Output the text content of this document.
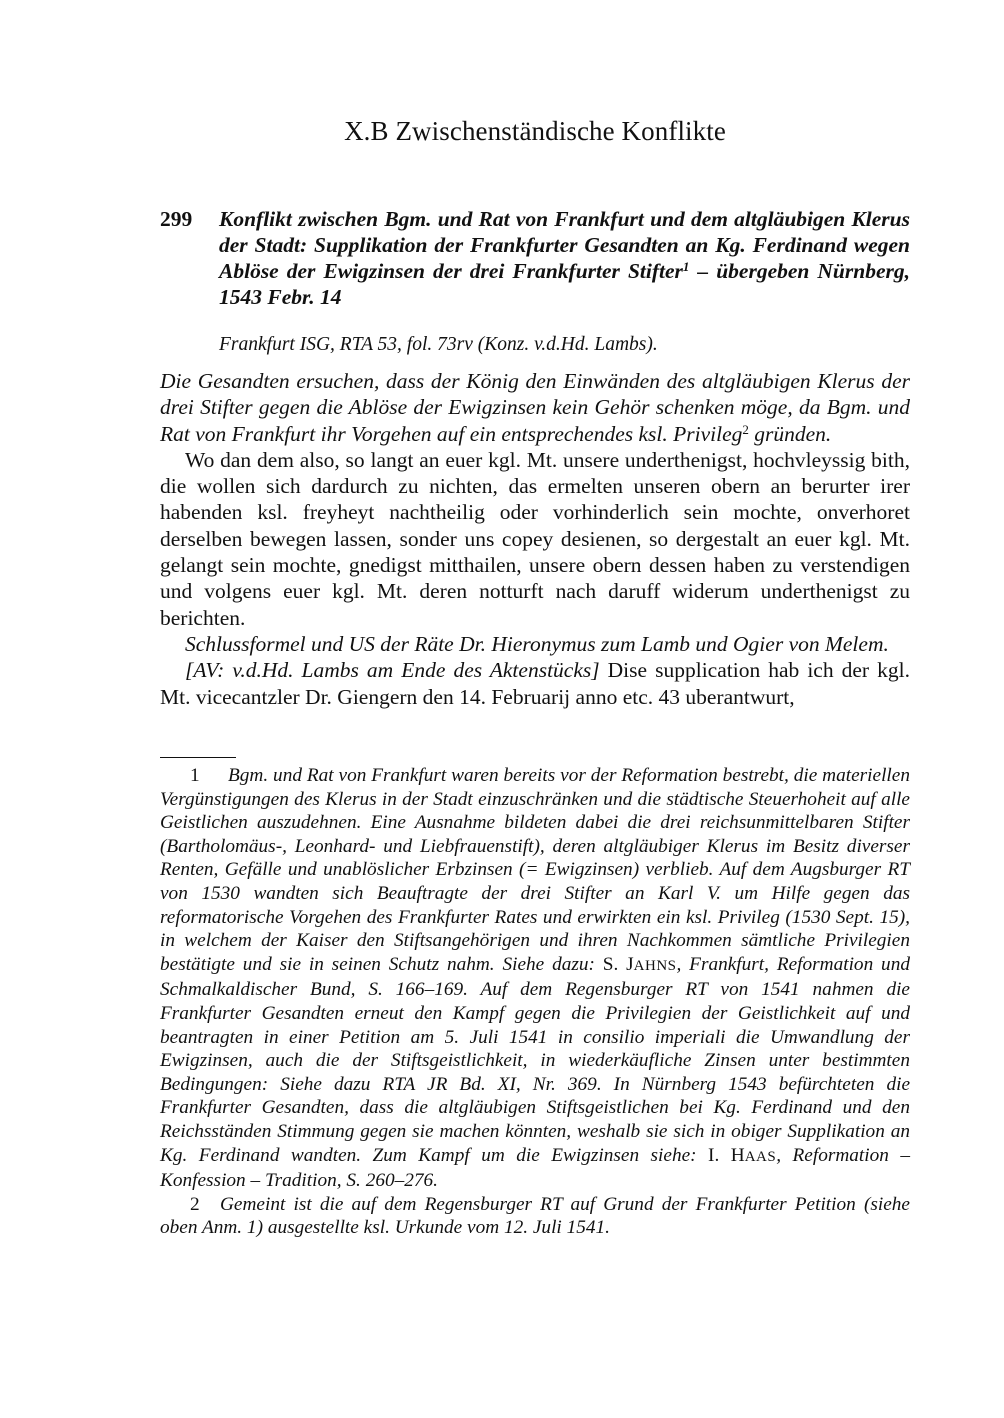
X.B Zwischenständische Konflikte
299 Konflikt zwischen Bgm. und Rat von Frankfurt und dem altgläubigen Klerus der Stadt: Supplikation der Frankfurter Gesandten an Kg. Ferdinand wegen Ablöse der Ewigzinsen der drei Frankfurter Stifter$^1$ – übergeben Nürnberg, 1543 Febr. 14
Frankfurt ISG, RTA 53, fol. 73rv (Konz. v.d.Hd. Lambs).

Die Gesandten ersuchen, dass der König den Einwänden des altgläubigen Klerus der drei Stifter gegen die Ablöse der Ewigzinsen kein Gehör schenken möge, da Bgm. und Rat von Frankfurt ihr Vorgehen auf ein entsprechendes ksl. Privileg$^2$ gründen.

Wo dan dem also, so langt an euer kgl. Mt. unsere underthenigst, hochvleyssig bith, die wollen sich dardurch zu nichten, das ermelten unseren obern an berurter irer habenden ksl. freyheyt nachtheilig oder vorhinderlich sein mochte, onverhoret derselben bewegen lassen, sonder uns copey desienen, so dergestalt an euer kgl. Mt. gelangt sein mochte, gnedigst mitthailen, unsere obern dessen haben zu verstendigen und volgens euer kgl. Mt. deren notturft nach daruff widerum underthenigst zu berichten.

Schlussformel und US der Räte Dr. Hieronymus zum Lamb und Ogier von Melem.

[AV: v.d.Hd. Lambs am Ende des Aktenstücks] Dise supplication hab ich der kgl. Mt. vicecantzler Dr. Giengern den 14. Februarij anno etc. 43 uberantwurt,

1 Bgm. und Rat von Frankfurt waren bereits vor der Reformation bestrebt, die materiellen Vergünstigungen des Klerus in der Stadt einzuschränken und die städtische Steuerhoheit auf alle Geistlichen auszudehnen. Eine Ausnahme bildeten dabei die drei reichsunmittelbaren Stifter (Bartholomäus-, Leonhard- und Liebfrauenstift), deren altgläubiger Klerus im Besitz diverser Renten, Gefälle und unablöslicher Erbzinsen (= Ewigzinsen) verblieb. Auf dem Augsburger RT von 1530 wandten sich Beauftragte der drei Stifter an Karl V. um Hilfe gegen das reformatorische Vorgehen des Frankfurter Rates und erwirkten ein ksl. Privileg (1530 Sept. 15), in welchem der Kaiser den Stiftsangehörigen und ihren Nachkommen sämtliche Privilegien bestätigte und sie in seinen Schutz nahm. Siehe dazu: S. JAHNS, Frankfurt, Reformation und Schmalkaldischer Bund, S. 166–169. Auf dem Regensburger RT von 1541 nahmen die Frankfurter Gesandten erneut den Kampf gegen die Privilegien der Geistlichkeit auf und beantragten in einer Petition am 5. Juli 1541 in consilio imperiali die Umwandlung der Ewigzinsen, auch die der Stiftsgeistlichkeit, in wiederkäufliche Zinsen unter bestimmten Bedingungen: Siehe dazu RTA JR Bd. XI, Nr. 369. In Nürnberg 1543 befürchteten die Frankfurter Gesandten, dass die altgläubigen Stiftsgeistlichen bei Kg. Ferdinand und den Reichsständen Stimmung gegen sie machen könnten, weshalb sie sich in obiger Supplikation an Kg. Ferdinand wandten. Zum Kampf um die Ewigzinsen siehe: I. HAAS, Reformation – Konfession – Tradition, S. 260–276.

2 Gemeint ist die auf dem Regensburger RT auf Grund der Frankfurter Petition (siehe oben Anm. 1) ausgestellte ksl. Urkunde vom 12. Juli 1541.
